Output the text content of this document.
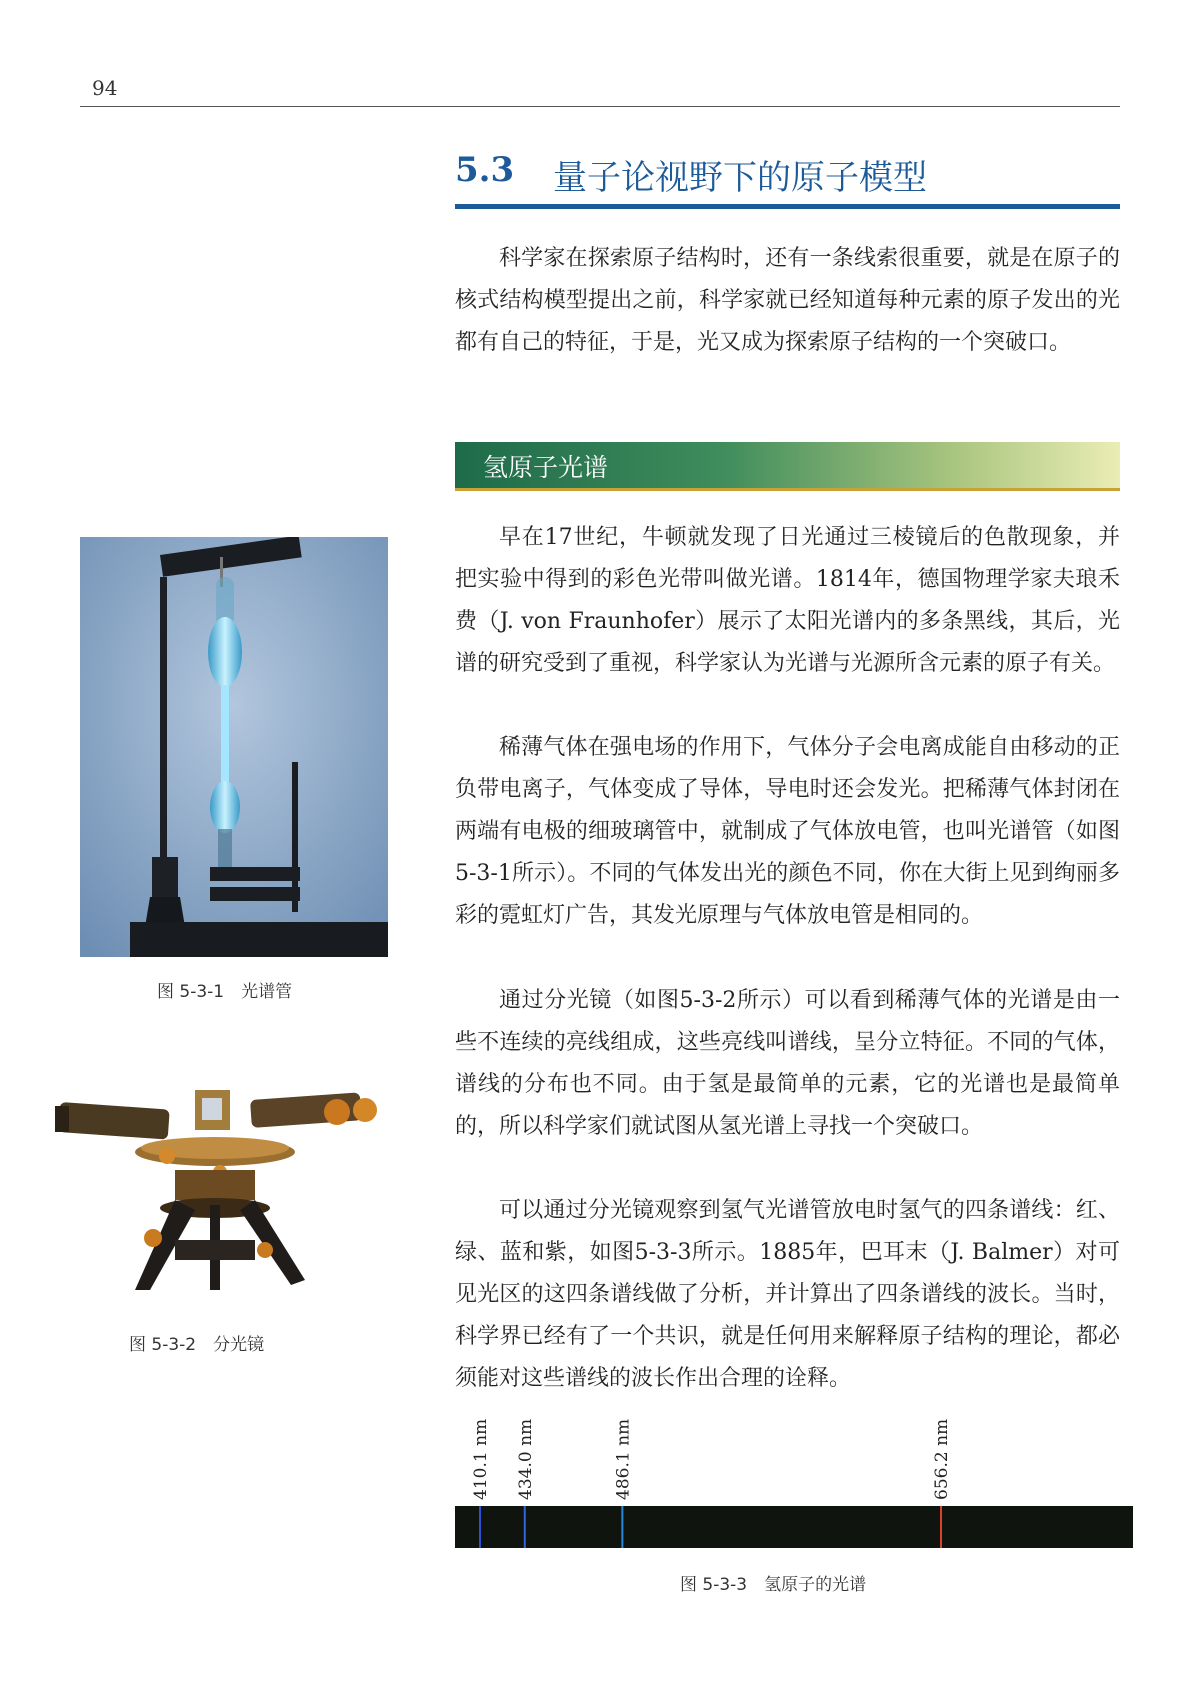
94
5.3 量子论视野下的原子模型

科学家在探索原子结构时，还有一条线索很重要，就是在原子的核式结构模型提出之前，科学家就已经知道每种元素的原子发出的光都有自己的特征，于是，光又成为探索原子结构的一个突破口。

氢原子光谱

早在17世纪，牛顿就发现了日光通过三棱镜后的色散现象，并把实验中得到的彩色光带叫做光谱。1814年，德国物理学家夫琅禾费（J. von Fraunhofer）展示了太阳光谱内的多条黑线，其后，光谱的研究受到了重视，科学家认为光谱与光源所含元素的原子有关。

稀薄气体在强电场的作用下，气体分子会电离成能自由移动的正负带电离子，气体变成了导体，导电时还会发光。把稀薄气体封闭在两端有电极的细玻璃管中，就制成了气体放电管，也叫光谱管（如图5-3-1所示）。不同的气体发出光的颜色不同，你在大街上见到绚丽多彩的霓虹灯广告，其发光原理与气体放电管是相同的。

通过分光镜（如图5-3-2所示）可以看到稀薄气体的光谱是由一些不连续的亮线组成，这些亮线叫谱线，呈分立特征。不同的气体，谱线的分布也不同。由于氢是最简单的元素，它的光谱也是最简单的，所以科学家们就试图从氢光谱上寻找一个突破口。

可以通过分光镜观察到氢气光谱管放电时氢气的四条谱线：红、绿、蓝和紫，如图5-3-3所示。1885年，巴耳末（J. Balmer）对可见光区的这四条谱线做了分析，并计算出了四条谱线的波长。当时，科学界已经有了一个共识，就是任何用来解释原子结构的理论，都必须能对这些谱线的波长作出合理的诠释。

图 5-3-1　光谱管
图 5-3-2　分光镜
410.1 nm 434.0 nm	486.1 nm	656.2 nm
图 5-3-3　氢原子的光谱
